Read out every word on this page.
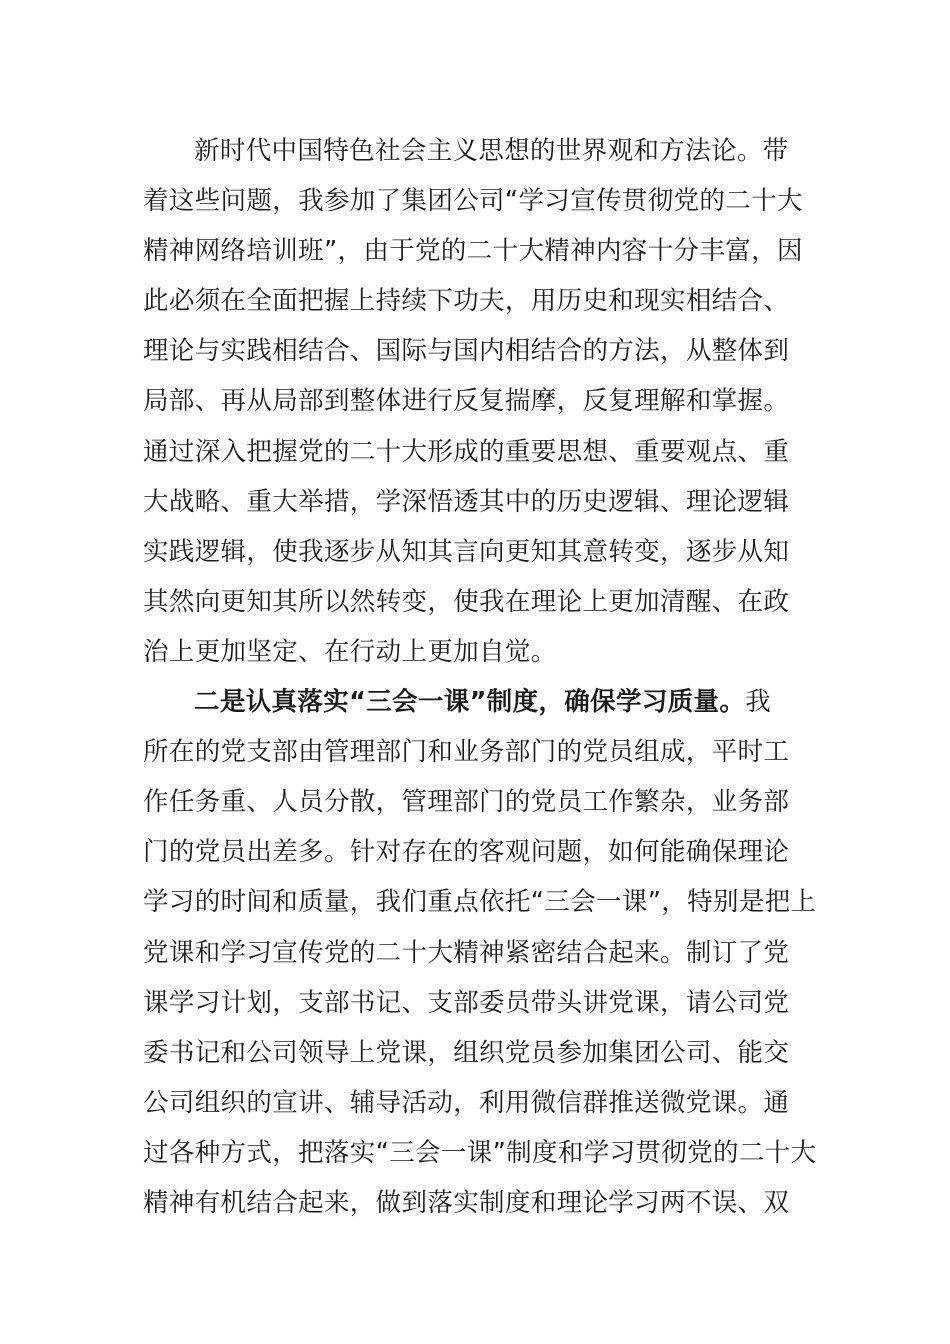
新时代中国特色社会主义思想的世界观和方法论。带
着这些问题，我参加了集团公司“学习宣传贯彻党的二十大
精神网络培训班”，由于党的二十大精神内容十分丰富，因
此必须在全面把握上持续下功夫，用历史和现实相结合、
理论与实践相结合、国际与国内相结合的方法，从整体到
局部、再从局部到整体进行反复揣摩，反复理解和掌握。
通过深入把握党的二十大形成的重要思想、重要观点、重
大战略、重大举措，学深悟透其中的历史逻辑、理论逻辑
实践逻辑，使我逐步从知其言向更知其意转变，逐步从知
其然向更知其所以然转变，使我在理论上更加清醒、在政
治上更加坚定、在行动上更加自觉。
二是认真落实“三会一课”制度，确保学习质量。我
所在的党支部由管理部门和业务部门的党员组成，平时工
作任务重、人员分散，管理部门的党员工作繁杂，业务部
门的党员出差多。针对存在的客观问题，如何能确保理论
学习的时间和质量，我们重点依托“三会一课”，特别是把上
党课和学习宣传党的二十大精神紧密结合起来。制订了党
课学习计划，支部书记、支部委员带头讲党课，请公司党
委书记和公司领导上党课，组织党员参加集团公司、能交
公司组织的宣讲、辅导活动，利用微信群推送微党课。通
过各种方式，把落实“三会一课”制度和学习贯彻党的二十大
精神有机结合起来，做到落实制度和理论学习两不误、双
